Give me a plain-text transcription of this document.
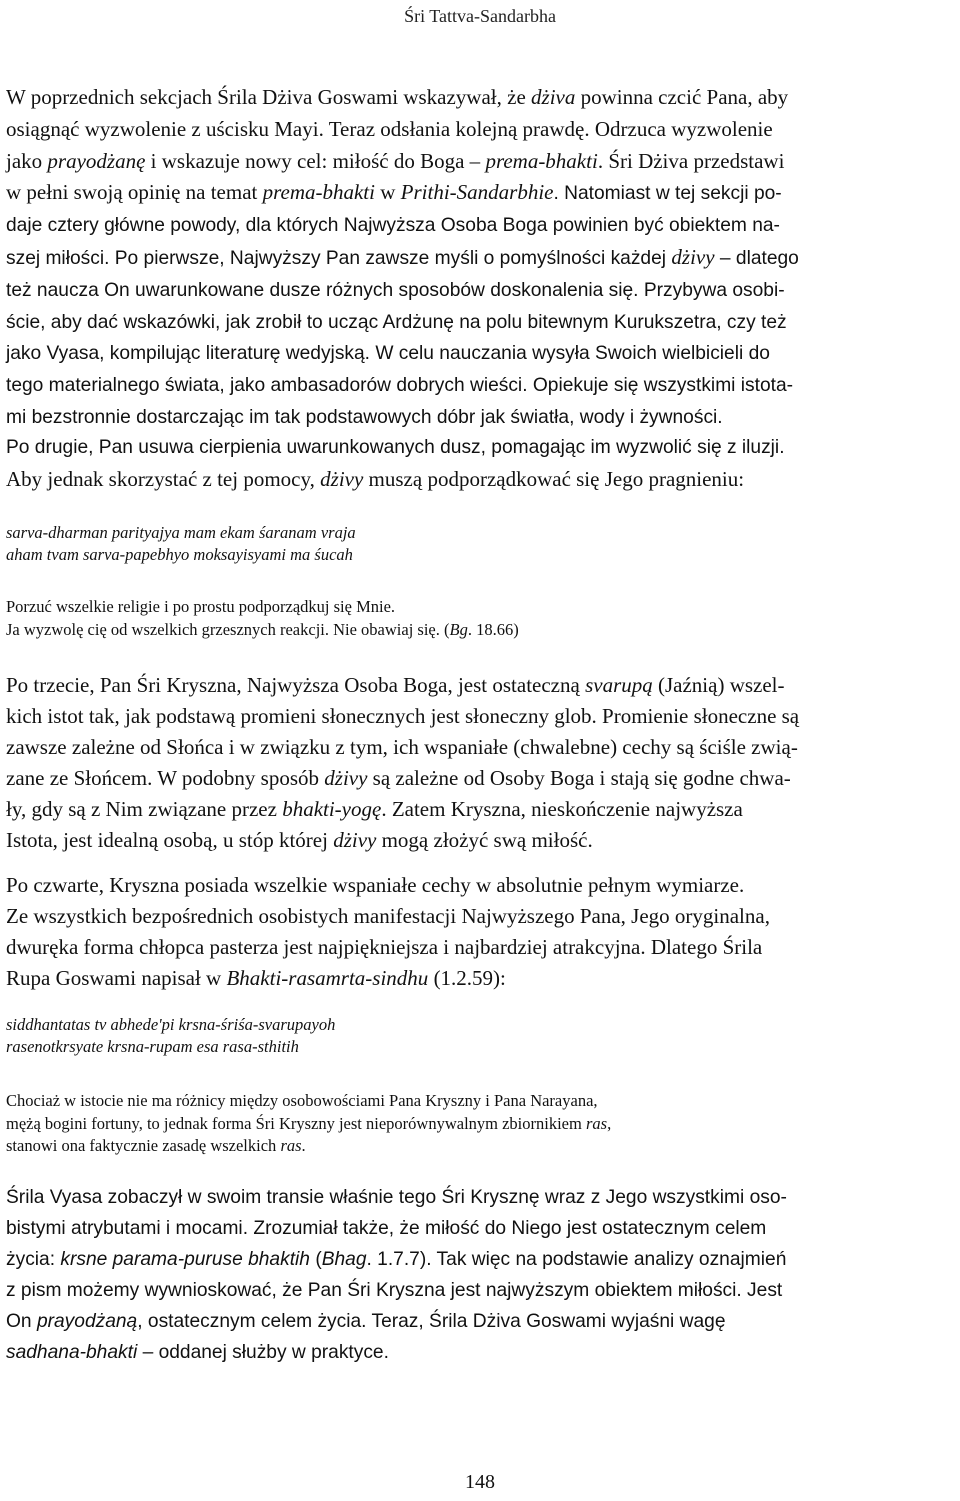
Śri Tattva-Sandarbha
W poprzednich sekcjach Śrila Dżiva Goswami wskazywał, że dżiva powinna czcić Pana, aby
osiągnąć wyzwolenie z uścisku Mayi. Teraz odsłania kolejną prawdę. Odrzuca wyzwolenie
jako prayodżanę i wskazuje nowy cel: miłość do Boga – prema-bhakti. Śri Dżiva przedstawi
w pełni swoją opinię na temat prema-bhakti w Prithi-Sandarbhie. Natomiast w tej sekcji po-
daje cztery główne powody, dla których Najwyższa Osoba Boga powinien być obiektem na-
szej miłości. Po pierwsze, Najwyższy Pan zawsze myśli o pomyślności każdej dżivy – dlatego
też naucza On uwarunkowane dusze różnych sposobów doskonalenia się. Przybywa osobi-
ście, aby dać wskazówki, jak zrobił to ucząc Ardżunę na polu bitewnym Kurukszetra, czy też
jako Vyasa, kompilując literaturę wedyjską. W celu nauczania wysyła Swoich wielbicieli do
tego materialnego świata, jako ambasadorów dobrych wieści. Opiekuje się wszystkimi istota-
mi bezstronnie dostarczając im tak podstawowych dóbr jak światła, wody i żywności.
Po drugie, Pan usuwa cierpienia uwarunkowanych dusz, pomagając im wyzwolić się z iluzji.
Aby jednak skorzystać z tej pomocy, dżivy muszą podporządkować się Jego pragnieniu:
sarva-dharman parityajya mam ekam śaranam vraja
aham tvam sarva-papebhyo moksayisyami ma śucah
Porzuć wszelkie religie i po prostu podporządkuj się Mnie.
Ja wyzwolę cię od wszelkich grzesznych reakcji. Nie obawiaj się. (Bg. 18.66)
Po trzecie, Pan Śri Kryszna, Najwyższa Osoba Boga, jest ostateczną svarupą (Jaźnią) wszel-
kich istot tak, jak podstawą promieni słonecznych jest słoneczny glob. Promienie słoneczne są
zawsze zależne od Słońca i w związku z tym, ich wspaniałe (chwalebne) cechy są ściśle zwią-
zane ze Słońcem. W podobny sposób dżivy są zależne od Osoby Boga i stają się godne chwa-
ły, gdy są z Nim związane przez bhakti-yogę. Zatem Kryszna, nieskończenie najwyższa
Istota, jest idealną osobą, u stóp której dżivy mogą złożyć swą miłość.
Po czwarte, Kryszna posiada wszelkie wspaniałe cechy w absolutnie pełnym wymiarze.
Ze wszystkich bezpośrednich osobistych manifestacji Najwyższego Pana, Jego oryginalna,
dwuręka forma chłopca pasterza jest najpiękniejsza i najbardziej atrakcyjna. Dlatego Śrila
Rupa Goswami napisał w Bhakti-rasamrta-sindhu (1.2.59):
siddhantatas tv abhede'pi krsna-śriśa-svarupayoh
rasenotkrsyate krsna-rupam esa rasa-sthitih
Chociaż w istocie nie ma różnicy między osobowościami Pana Kryszny i Pana Narayana,
mężą bogini fortuny, to jednak forma Śri Kryszny jest nieporównywalnym zbiornikiem ras,
stanowi ona faktycznie zasadę wszelkich ras.
Śrila Vyasa zobaczył w swoim transie właśnie tego Śri Krysznę wraz z Jego wszystkimi oso-
bistymi atrybutami i mocami. Zrozumiał także, że miłość do Niego jest ostatecznym celem
życia: krsne parama-puruse bhaktih (Bhag. 1.7.7). Tak więc na podstawie analizy oznajmień
z pism możemy wywnioskować, że Pan Śri Kryszna jest najwyższym obiektem miłości. Jest
On prayodżaną, ostatecznym celem życia. Teraz, Śrila Dżiva Goswami wyjaśni wagę
sadhana-bhakti – oddanej służby w praktyce.
148
